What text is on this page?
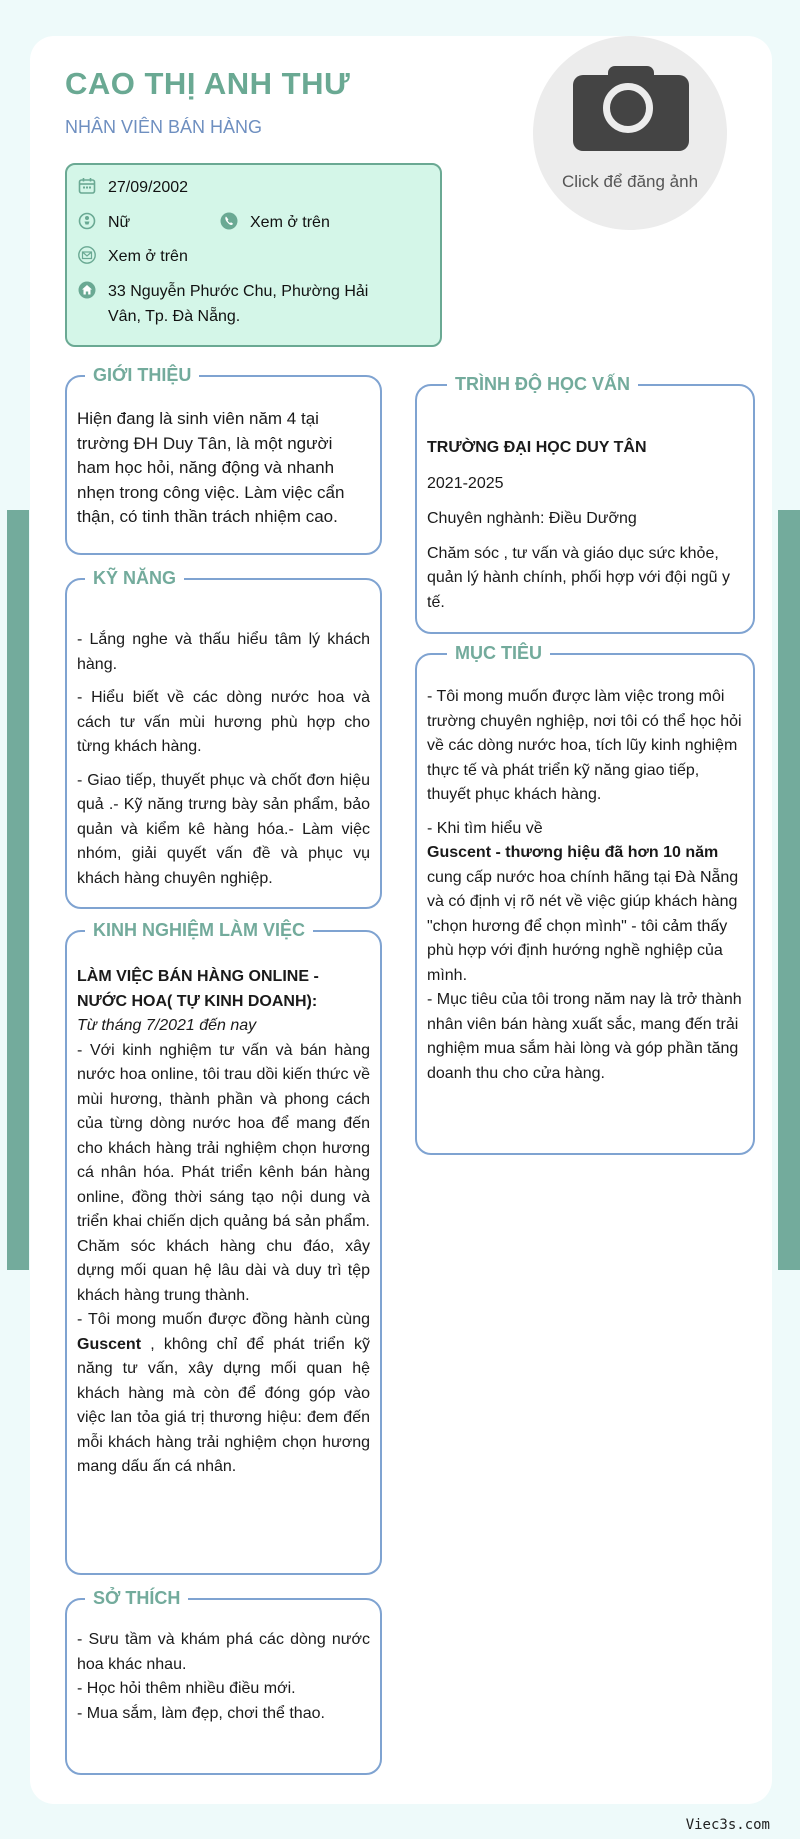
CAO THỊ ANH THƯ
NHÂN VIÊN BÁN HÀNG
Click để đăng ảnh
27/09/2002
Nữ	Xem ở trên
Xem ở trên
33 Nguyễn Phước Chu, Phường Hải Vân, Tp. Đà Nẵng.
GIỚI THIỆU
Hiện đang là sinh viên năm 4 tại trường ĐH Duy Tân, là một người ham học hỏi, năng động và nhanh nhẹn trong công việc. Làm việc cẩn thận, có tinh thần trách nhiệm cao.
KỸ NĂNG

- Lắng nghe và thấu hiểu tâm lý khách hàng.

- Hiểu biết về các dòng nước hoa và cách tư vấn mùi hương phù hợp cho từng khách hàng.

- Giao tiếp, thuyết phục và chốt đơn hiệu quả .- Kỹ năng trưng bày sản phẩm, bảo quản và kiểm kê hàng hóa.- Làm việc nhóm, giải quyết vấn đề và phục vụ khách hàng chuyên nghiệp.

KINH NGHIỆM LÀM VIỆC

LÀM VIỆC BÁN HÀNG ONLINE - NƯỚC HOA( TỰ KINH DOANH):

Từ tháng 7/2021 đến nay

- Với kinh nghiệm tư vấn và bán hàng nước hoa online, tôi trau dồi kiến thức về mùi hương, thành phần và phong cách của từng dòng nước hoa để mang đến cho khách hàng trải nghiệm chọn hương cá nhân hóa. Phát triển kênh bán hàng online, đồng thời sáng tạo nội dung và triển khai chiến dịch quảng bá sản phẩm. Chăm sóc khách hàng chu đáo, xây dựng mối quan hệ lâu dài và duy trì tệp khách hàng trung thành.

- Tôi mong muốn được đồng hành cùng Guscent , không chỉ để phát triển kỹ năng tư vấn, xây dựng mối quan hệ khách hàng mà còn để đóng góp vào việc lan tỏa giá trị thương hiệu: đem đến mỗi khách hàng trải nghiệm chọn hương mang dấu ấn cá nhân.

SỞ THÍCH

- Sưu tầm và khám phá các dòng nước hoa khác nhau.

- Học hỏi thêm nhiều điều mới.

- Mua sắm, làm đẹp, chơi thể thao.

TRÌNH ĐỘ HỌC VẤN

TRƯỜNG ĐẠI HỌC DUY TÂN

2021-2025

Chuyên nghành: Điều Dưỡng

Chăm sóc , tư vấn và giáo dục sức khỏe, quản lý hành chính, phối hợp với đội ngũ y tế.

MỤC TIÊU

- Tôi mong muốn được làm việc trong môi trường chuyên nghiệp, nơi tôi có thể học hỏi về các dòng nước hoa, tích lũy kinh nghiệm thực tế và phát triển kỹ năng giao tiếp, thuyết phục khách hàng.

- Khi tìm hiểu về

Guscent - thương hiệu đã hơn 10 năm

cung cấp nước hoa chính hãng tại Đà Nẵng và có định vị rõ nét về việc giúp khách hàng "chọn hương để chọn mình" - tôi cảm thấy phù hợp với định hướng nghề nghiệp của mình.

- Mục tiêu của tôi trong năm nay là trở thành nhân viên bán hàng xuất sắc, mang đến trải nghiệm mua sắm hài lòng và góp phần tăng doanh thu cho cửa hàng.

Viec3s.com
